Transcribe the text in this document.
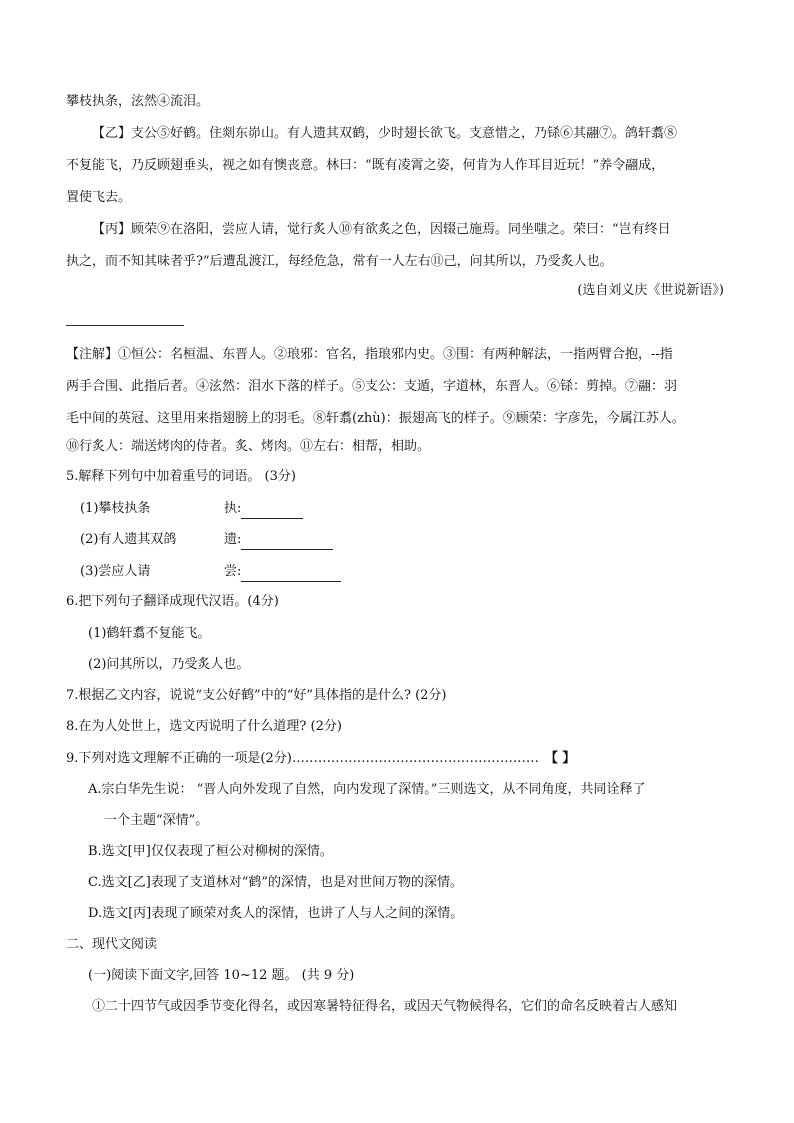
攀枝执条，泫然④流泪。
【乙】支公⑤好鹤。住剡东峁山。有人遗其双鹤，少时翅长欲飞。支意惜之，乃铩⑥其翮⑦。鸽轩翥⑧
不复能飞，乃反顾翅垂头，视之如有懊丧意。林曰：“既有凌霄之姿，何肯为人作耳目近玩！”养令翮成，
置使飞去。
【丙】顾荣⑨在洛阳，尝应人请，觉行炙人⑩有欲炙之色，因辍己施焉。同坐嗤之。荣曰：“岂有终日
执之，而不知其味者乎?”后遭乱渡江，每经危急，常有一人左右⑪己，问其所以，乃受炙人也。
(选自刘义庆《世说新语》)
【注解】①恒公：名桓温、东晋人。②琅邪：官名，指琅邪内史。③围：有两种解法，一指两臂合抱，--指
两手合围、此指后者。④泫然：泪水下落的样子。⑤支公：支遁，字道林，东晋人。⑥铩：剪掉。⑦翮：羽
毛中间的英冠、这里用来指翅膀上的羽毛。⑧轩翥(zhù)：振翅高飞的样子。⑨顾荣：字彦先，今属江苏人。
⑩行炙人：端送烤肉的侍者。炙、烤肉。⑪左右：相帮，相助。
5.解释下列句中加着重号的词语。 (3分)
(1)攀枝执条	执:
(2)有人遗其双鸽	遗:
(3)尝应人请	尝:
6.把下列句子翻译成现代汉语。(4分)
(1)鹤轩翥不复能飞。
(2)问其所以，乃受炙人也。
7.根据乙文内容，说说“支公好鹤”中的“好”具体指的是什么? (2分)
8.在为人处世上，选文丙说明了什么道理? (2分)
9.下列对选文理解不正确的一项是(2分)………………………………………………… 【 】
A.宗白华先生说： “晋人向外发现了自然，向内发现了深情。”三则选文，从不同角度，共同诠释了
一个主题“深情”。
B.选文[甲]仅仅表现了桓公对柳树的深情。
C.选文[乙]表现了支道林对“鹤”的深情，也是对世间万物的深情。
D.选文[丙]表现了顾荣对炙人的深情，也讲了人与人之间的深情。
二、现代文阅读
(一)阅读下面文字,回答 10~12 题。 (共 9 分)
①二十四节气或因季节变化得名，或因寒暑特征得名，或因天气物候得名，它们的命名反映着古人感知
